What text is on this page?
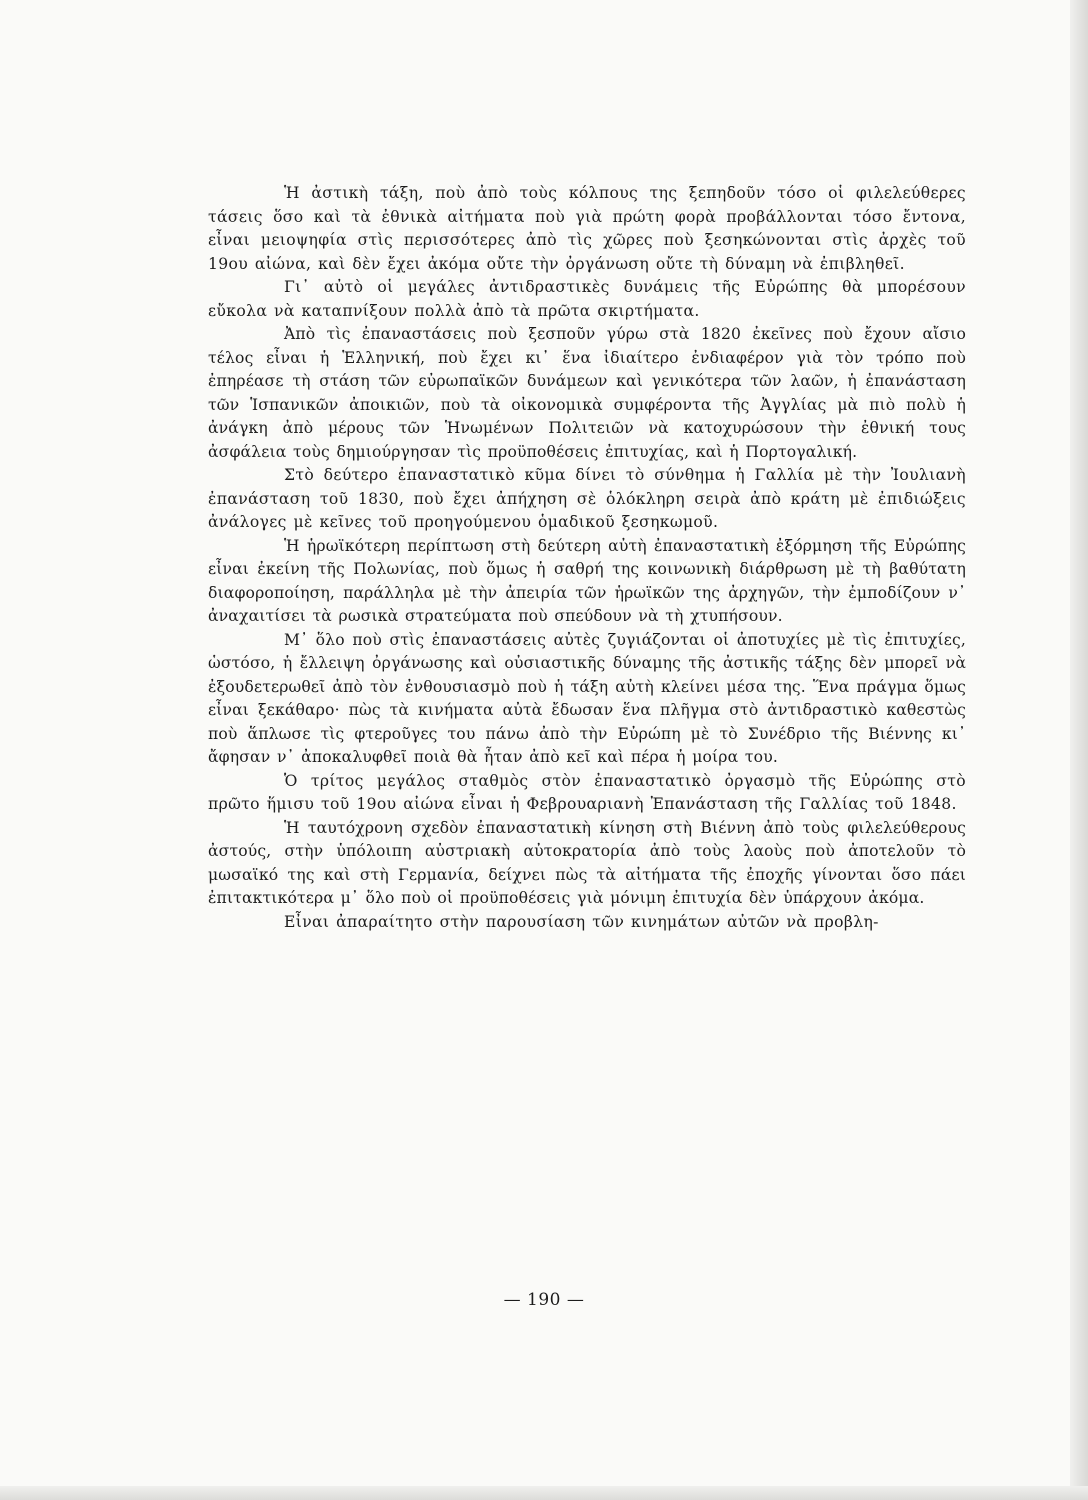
Ἡ ἀστικὴ τάξη, ποὺ ἀπὸ τοὺς κόλπους της ξεπηδοῦν τόσο οἱ φιλελεύθερες τάσεις ὅσο καὶ τὰ ἐθνικὰ αἰτήματα ποὺ γιὰ πρώτη φορὰ προβάλλονται τόσο ἔντονα, εἶναι μειοψηφία στὶς περισσότερες ἀπὸ τὶς χῶρες ποὺ ξεσηκώνονται στὶς ἀρχὲς τοῦ 19ου αἰώνα, καὶ δὲν ἔχει ἀκόμα οὔτε τὴν ὀργάνωση οὔτε τὴ δύναμη νὰ ἐπιβληθεῖ.

Γι᾿ αὐτὸ οἱ μεγάλες ἀντιδραστικὲς δυνάμεις τῆς Εὐρώπης θὰ μπορέσουν εὔκολα νὰ καταπνίξουν πολλὰ ἀπὸ τὰ πρῶτα σκιρτήματα.

Ἀπὸ τὶς ἐπαναστάσεις ποὺ ξεσποῦν γύρω στὰ 1820 ἐκεῖνες ποὺ ἔχουν αἴσιο τέλος εἶναι ἡ Ἑλληνική, ποὺ ἔχει κι᾿ ἕνα ἰδιαίτερο ἐνδιαφέρον γιὰ τὸν τρόπο ποὺ ἐπηρέασε τὴ στάση τῶν εὐρωπαϊκῶν δυνάμεων καὶ γενικότερα τῶν λαῶν, ἡ ἐπανάσταση τῶν Ἱσπανικῶν ἀποικιῶν, ποὺ τὰ οἰκονομικὰ συμφέροντα τῆς Ἀγγλίας μὰ πιὸ πολὺ ἡ ἀνάγκη ἀπὸ μέρους τῶν Ἡνωμένων Πολιτειῶν νὰ κατοχυρώσουν τὴν ἐθνική τους ἀσφάλεια τοὺς δημιούργησαν τὶς προϋποθέσεις ἐπιτυχίας, καὶ ἡ Πορτογαλική.

Στὸ δεύτερο ἐπαναστατικὸ κῦμα δίνει τὸ σύνθημα ἡ Γαλλία μὲ τὴν Ἰουλιανὴ ἐπανάσταση τοῦ 1830, ποὺ ἔχει ἀπήχηση σὲ ὁλόκληρη σειρὰ ἀπὸ κράτη μὲ ἐπιδιώξεις ἀνάλογες μὲ κεῖνες τοῦ προηγούμενου ὁμαδικοῦ ξεσηκωμοῦ.

Ἡ ἡρωϊκότερη περίπτωση στὴ δεύτερη αὐτὴ ἐπαναστατικὴ ἐξόρμηση τῆς Εὐρώπης εἶναι ἐκείνη τῆς Πολωνίας, ποὺ ὅμως ἡ σαθρή της κοινωνικὴ διάρθρωση μὲ τὴ βαθύτατη διαφοροποίηση, παράλληλα μὲ τὴν ἀπειρία τῶν ἡρωϊκῶν της ἀρχηγῶν, τὴν ἐμποδίζουν ν᾿ ἀναχαιτίσει τὰ ρωσικὰ στρατεύματα ποὺ σπεύδουν νὰ τὴ χτυπήσουν.

Μ᾿ ὅλο ποὺ στὶς ἐπαναστάσεις αὐτὲς ζυγιάζονται οἱ ἀποτυχίες μὲ τὶς ἐπιτυχίες, ὡστόσο, ἡ ἔλλειψη ὀργάνωσης καὶ οὐσιαστικῆς δύναμης τῆς ἀστικῆς τάξης δὲν μπορεῖ νὰ ἐξουδετερωθεῖ ἀπὸ τὸν ἐνθουσιασμὸ ποὺ ἡ τάξη αὐτὴ κλείνει μέσα της. Ἕνα πράγμα ὅμως εἶναι ξεκάθαρο· πὼς τὰ κινήματα αὐτὰ ἔδωσαν ἕνα πλῆγμα στὸ ἀντιδραστικὸ καθεστὼς ποὺ ἅπλωσε τὶς φτεροῦγες του πάνω ἀπὸ τὴν Εὐρώπη μὲ τὸ Συνέδριο τῆς Βιέννης κι᾿ ἄφησαν ν᾿ ἀποκαλυφθεῖ ποιὰ θὰ ἦταν ἀπὸ κεῖ καὶ πέρα ἡ μοίρα του.

Ὁ τρίτος μεγάλος σταθμὸς στὸν ἐπαναστατικὸ ὀργασμὸ τῆς Εὐρώπης στὸ πρῶτο ἥμισυ τοῦ 19ου αἰώνα εἶναι ἡ Φεβρουαριανὴ Ἐπανάσταση τῆς Γαλλίας τοῦ 1848.

Ἡ ταυτόχρονη σχεδὸν ἐπαναστατικὴ κίνηση στὴ Βιέννη ἀπὸ τοὺς φιλελεύθερους ἀστούς, στὴν ὑπόλοιπη αὐστριακὴ αὐτοκρατορία ἀπὸ τοὺς λαοὺς ποὺ ἀποτελοῦν τὸ μωσαϊκό της καὶ στὴ Γερμανία, δείχνει πὼς τὰ αἰτήματα τῆς ἐποχῆς γίνονται ὅσο πάει ἐπιτακτικότερα μ᾿ ὅλο ποὺ οἱ προϋποθέσεις γιὰ μόνιμη ἐπιτυχία δὲν ὑπάρχουν ἀκόμα.

Εἶναι ἀπαραίτητο στὴν παρουσίαση τῶν κινημάτων αὐτῶν νὰ προβλη-

— 190 —
